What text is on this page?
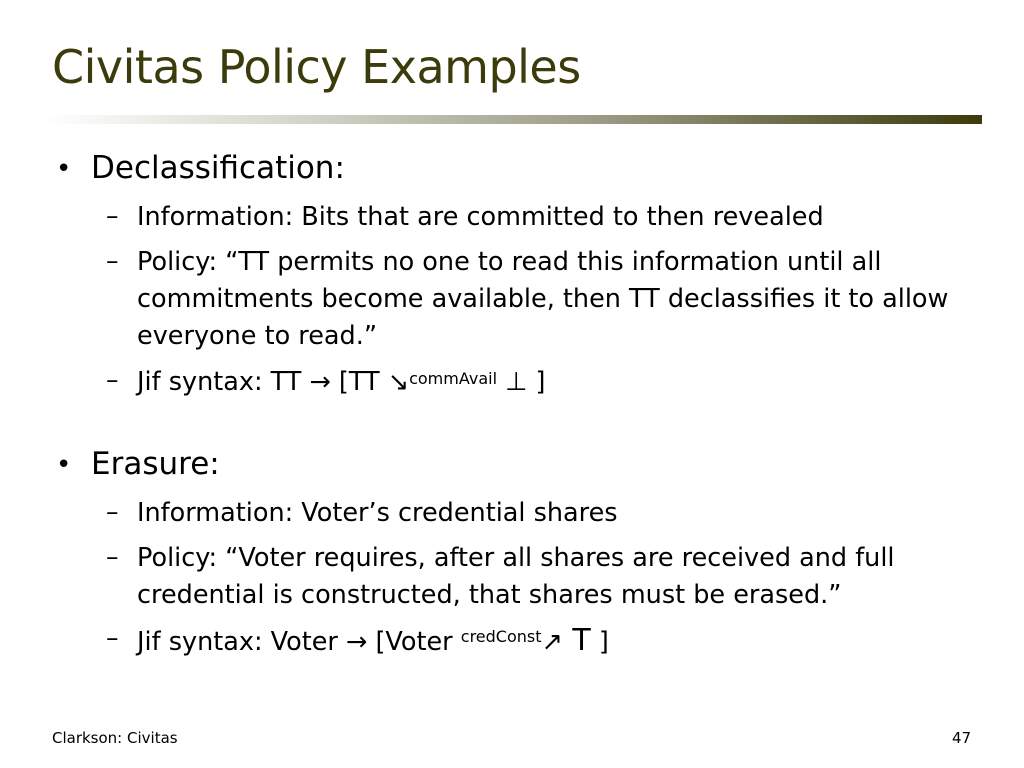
Civitas Policy Examples
• Declassification:
– Information: Bits that are committed to then revealed
– Policy: “TT permits no one to read this information until all
commitments become available, then TT declassifies it to allow
everyone to read.”
– Jif syntax: TT → [TT ↘$^{commAvail}$ ⊥ ]
• Erasure:
– Information: Voter’s credential shares
– Policy: “Voter requires, after all shares are received and full
credential is constructed, that shares must be erased.”
– Jif syntax: Voter → [Voter $^{credConst}$↗ T ]
Clarkson: Civitas	47
